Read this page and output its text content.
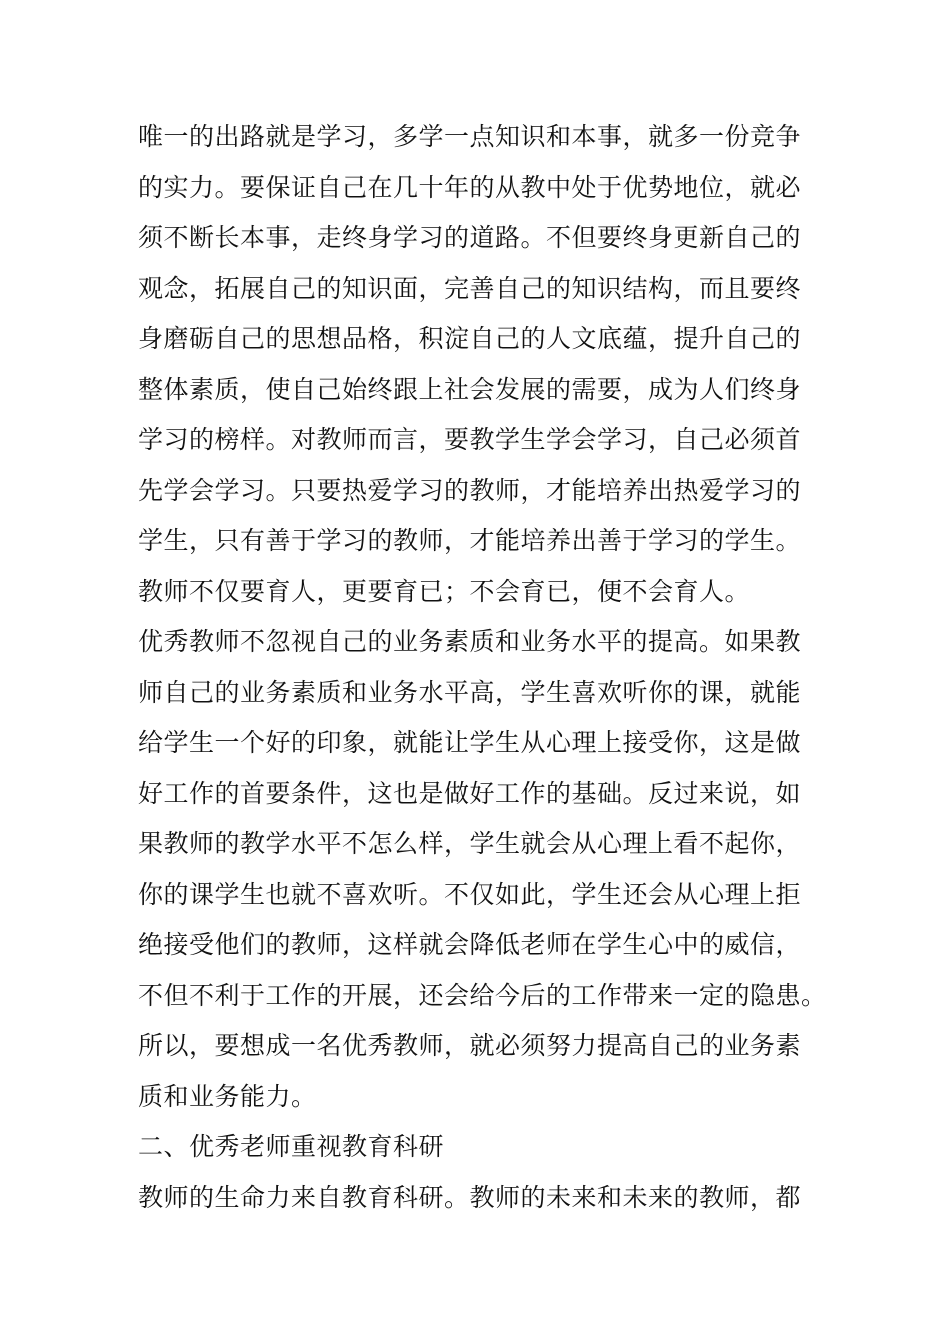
唯一的出路就是学习，多学一点知识和本事，就多一份竞争
的实力。要保证自己在几十年的从教中处于优势地位，就必
须不断长本事，走终身学习的道路。不但要终身更新自己的
观念，拓展自己的知识面，完善自己的知识结构，而且要终
身磨砺自己的思想品格，积淀自己的人文底蕴，提升自己的
整体素质，使自己始终跟上社会发展的需要，成为人们终身
学习的榜样。对教师而言，要教学生学会学习，自己必须首
先学会学习。只要热爱学习的教师，才能培养出热爱学习的
学生，只有善于学习的教师，才能培养出善于学习的学生。
教师不仅要育人，更要育已；不会育已，便不会育人。
优秀教师不忽视自己的业务素质和业务水平的提高。如果教
师自己的业务素质和业务水平高，学生喜欢听你的课，就能
给学生一个好的印象，就能让学生从心理上接受你，这是做
好工作的首要条件，这也是做好工作的基础。反过来说，如
果教师的教学水平不怎么样，学生就会从心理上看不起你，
你的课学生也就不喜欢听。不仅如此，学生还会从心理上拒
绝接受他们的教师，这样就会降低老师在学生心中的威信，
不但不利于工作的开展，还会给今后的工作带来一定的隐患。
所以，要想成一名优秀教师，就必须努力提高自己的业务素
质和业务能力。
二、优秀老师重视教育科研
教师的生命力来自教育科研。教师的未来和未来的教师，都
